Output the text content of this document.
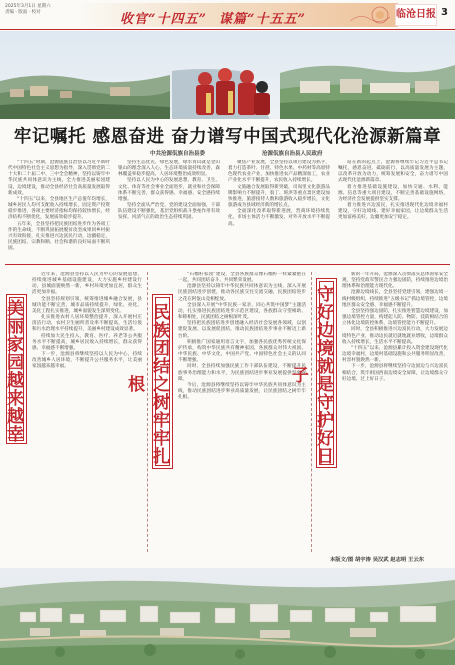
2025年3月1日 星期六
责编 · 版面 · 校对	收官“十四五” 谋篇“十五五”	临沧日报 3
牢记嘱托 感恩奋进 奋力谱写中国式现代化沧源新篇章
中共沧源佤族自治县委	沧源佤族自治县人民政府

“十四五”时期，沧源佤族自治县以习近平新时代中国特色社会主义思想为指导，深入贯彻党的二十大和二十届二中、三中全会精神，坚持以铸牢中华民族共同体意识为主线，全力推进美丽家园建设、边境建设，推动全县经济社会高质量发展取得新成效。

“十四五”以来，全县地区生产总值年均增长，城乡居民人均可支配收入持续增长，固定资产投资稳步推进，各项主要经济指标均保持较快增长，经济结构不断优化，发展质效稳步提升。

五年来，全县坚持把民族团结进步作为各项工作的生命线，不断巩固拓展脱贫攻坚成果同乡村振兴有效衔接，扎实推进兴边富民行动，边疆稳定、民族团结、宗教和顺、社会和谐的良好局面不断巩固。

坚持生态优先、绿色发展，绿水青山就是金山银山的理念深入人心，生态环境质量持续改善，森林覆盖率稳步提高，人居环境整治成效明显。

坚持以人民为中心的发展思想，教育、卫生、文化、体育等社会事业全面进步，就业和社会保障体系不断完善，群众获得感、幸福感、安全感持续增强。

坚持全面从严治党，党的建设全面加强，干部队伍建设不断强化，基层党组织战斗堡垒作用有效发挥，风清气正的政治生态持续巩固。

聚焦产业发展，全县坚持以项目建设为抓手，着力打造茶叶、甘蔗、特色水果、中药材等高原特色现代农业产业，加快推进农产品精深加工，农业产业化水平不断提升，农民收入持续增长。

文旅融合发展取得新突破，司岗里文化旅游品牌影响力不断提升，翁丁、班洪等重点景区建设加快推进，旅游接待人数和旅游收入稳步增长，文化旅游成为县域经济新的增长点。

全面深化改革取得新进展，营商环境持续优化，市场主体活力不断激发，对外开放水平不断提高。

站在新的起点上，沧源将继续牢记习近平总书记嘱托，感恩奋进、砥砺前行，以高质量发展为主题，以改革开放为动力，统筹发展和安全，奋力谱写中国式现代化沧源新篇章。

着力推进基础设施建设，加快交通、水利、能源、信息等重大项目建设，不断完善基础设施网络，为经济社会发展提供坚实支撑。

着力推进兴边富民，扎实推进现代化边境幸福村建设，守好边境线、建好幸福家园，让边境群众生活更加富裕美好，边疆更加安宁稳定。

美丽家园越来越幸

近年来，沧源县坚持以人民为中心的发展思想，持续推进城乡基础设施建设，大力实施乡村建设行动，县城面貌焕然一新，乡村环境更加宜居，群众生活更加幸福。

全县坚持规划引领，统筹推进城乡融合发展，县城功能不断完善，城市品质持续提升，绿化、亮化、美化工程扎实推进，城乡面貌发生深刻变化。

扎实推进农村人居环境整治提升，深入开展村庄清洁行动，农村卫生厕所普及率不断提高，生活垃圾和污水治理水平持续提升，美丽乡村建设成效显著。

持续加大民生投入，教育、医疗、养老等公共服务水平不断提高，城乡居民收入持续增长，群众获得感、幸福感不断增强。

下一步，沧源县将继续坚持以人民为中心，持续改善城乡人居环境，不断提升公共服务水平，让美丽家园越来越幸福。	民族团结之树牢牢扎根

“石榴籽家园”建设，全县各族群众像石榴籽一样紧紧抱在一起，共同团结奋斗、共同繁荣发展。

沧源县坚持以铸牢中华民族共同体意识为主线，深入开展民族团结进步创建，推动各民族交往交流交融，民族团结进步之花在阿佤山竞相绽放。

全县深入开展“中华民族一家亲，同心共筑中国梦”主题活动，扎实推进民族团结进步示范区建设，各族群众守望相助、和睦相处，民族团结之树根深叶茂。

坚持把民族团结进步创建融入经济社会发展各领域，以创建促发展、以发展促团结，推动民族团结进步事业不断迈上新台阶。

积极推广国家通用语言文字，加强各民族优秀传统文化保护传承，构筑中华民族共有精神家园，各族群众对伟大祖国、中华民族、中华文化、中国共产党、中国特色社会主义的认同不断增强。

同时，全县持续加强民族工作干部队伍建设，不断提升民族事务治理能力和水平，为民族团结进步事业发展提供坚强保障。

今后，沧源县将继续坚持以铸牢中华民族共同体意识为主线，推动民族团结进步事业高质量发展，让民族团结之树牢牢扎根。	守好边境就是守护好日子

新的一年开局，沧源深入贯彻落实总体国家安全观，坚持党政军警民合力强边固防，持续推进边境治理体系和治理能力现代化。

沧源边境线长，全县坚持党建引领，建强边境一线村级组织，持续推进“五级书记”抓边境管控，边境地区群众安全感、幸福感不断提升。

全县坚持强边固防，扎实推进智慧边境建设，加强边境管控力量，构建起人防、物防、技防相结合的立体化边境防控体系，边境管控能力不断提升。

同时，全县积极推进兴边富民行动，大力发展边境特色产业，推动边民就近就地就业增收，边境群众收入持续增长，生活水平不断提高。

“十四五”以来，沧源县累计投入资金建设现代化边境幸福村，边境村基础设施和公共服务明显改善，村容村貌焕然一新。

下一步，沧源县将继续坚持守边固边与兴边富民相结合，筑牢祖国西南边境安全屏障，让边境群众守好边境、过上好日子。

本版文/图 胡宇涛 吴汉武 赵志明 王云东
